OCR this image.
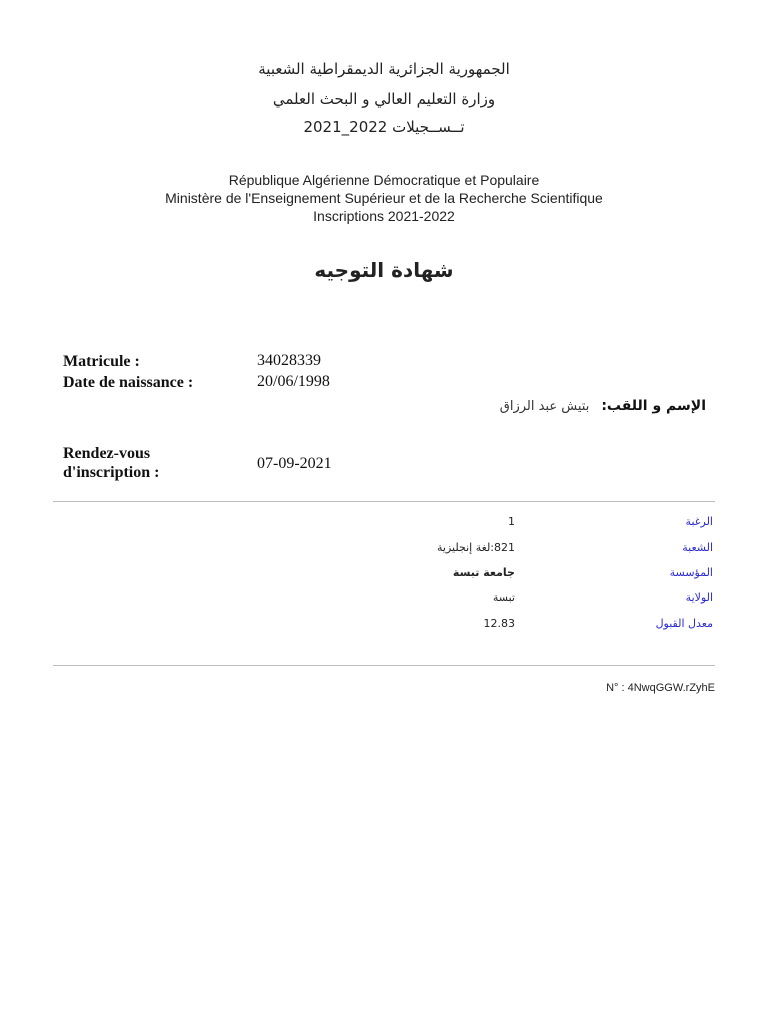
الجمهورية الجزائرية الديمقراطية الشعبية
وزارة التعليم العالي و البحث العلمي
تــســجيلات 2022_2021
République Algérienne Démocratique et Populaire
Ministère de l'Enseignement Supérieur et de la Recherche Scientifique
Inscriptions 2021-2022
شهادة التوجيه
Matricule :	34028339
Date de naissance :	20/06/1998
الإسم و اللقب:
بتيش عبد الرزاق
Rendez-vous
d'inscription :
07-09-2021
الرغبة
1
الشعبة
821:لغة إنجليزية
المؤسسة
جامعة تبسة
الولاية
تبسة
معدل القبول
12.83
N° : 4NwqGGW.rZyhE
